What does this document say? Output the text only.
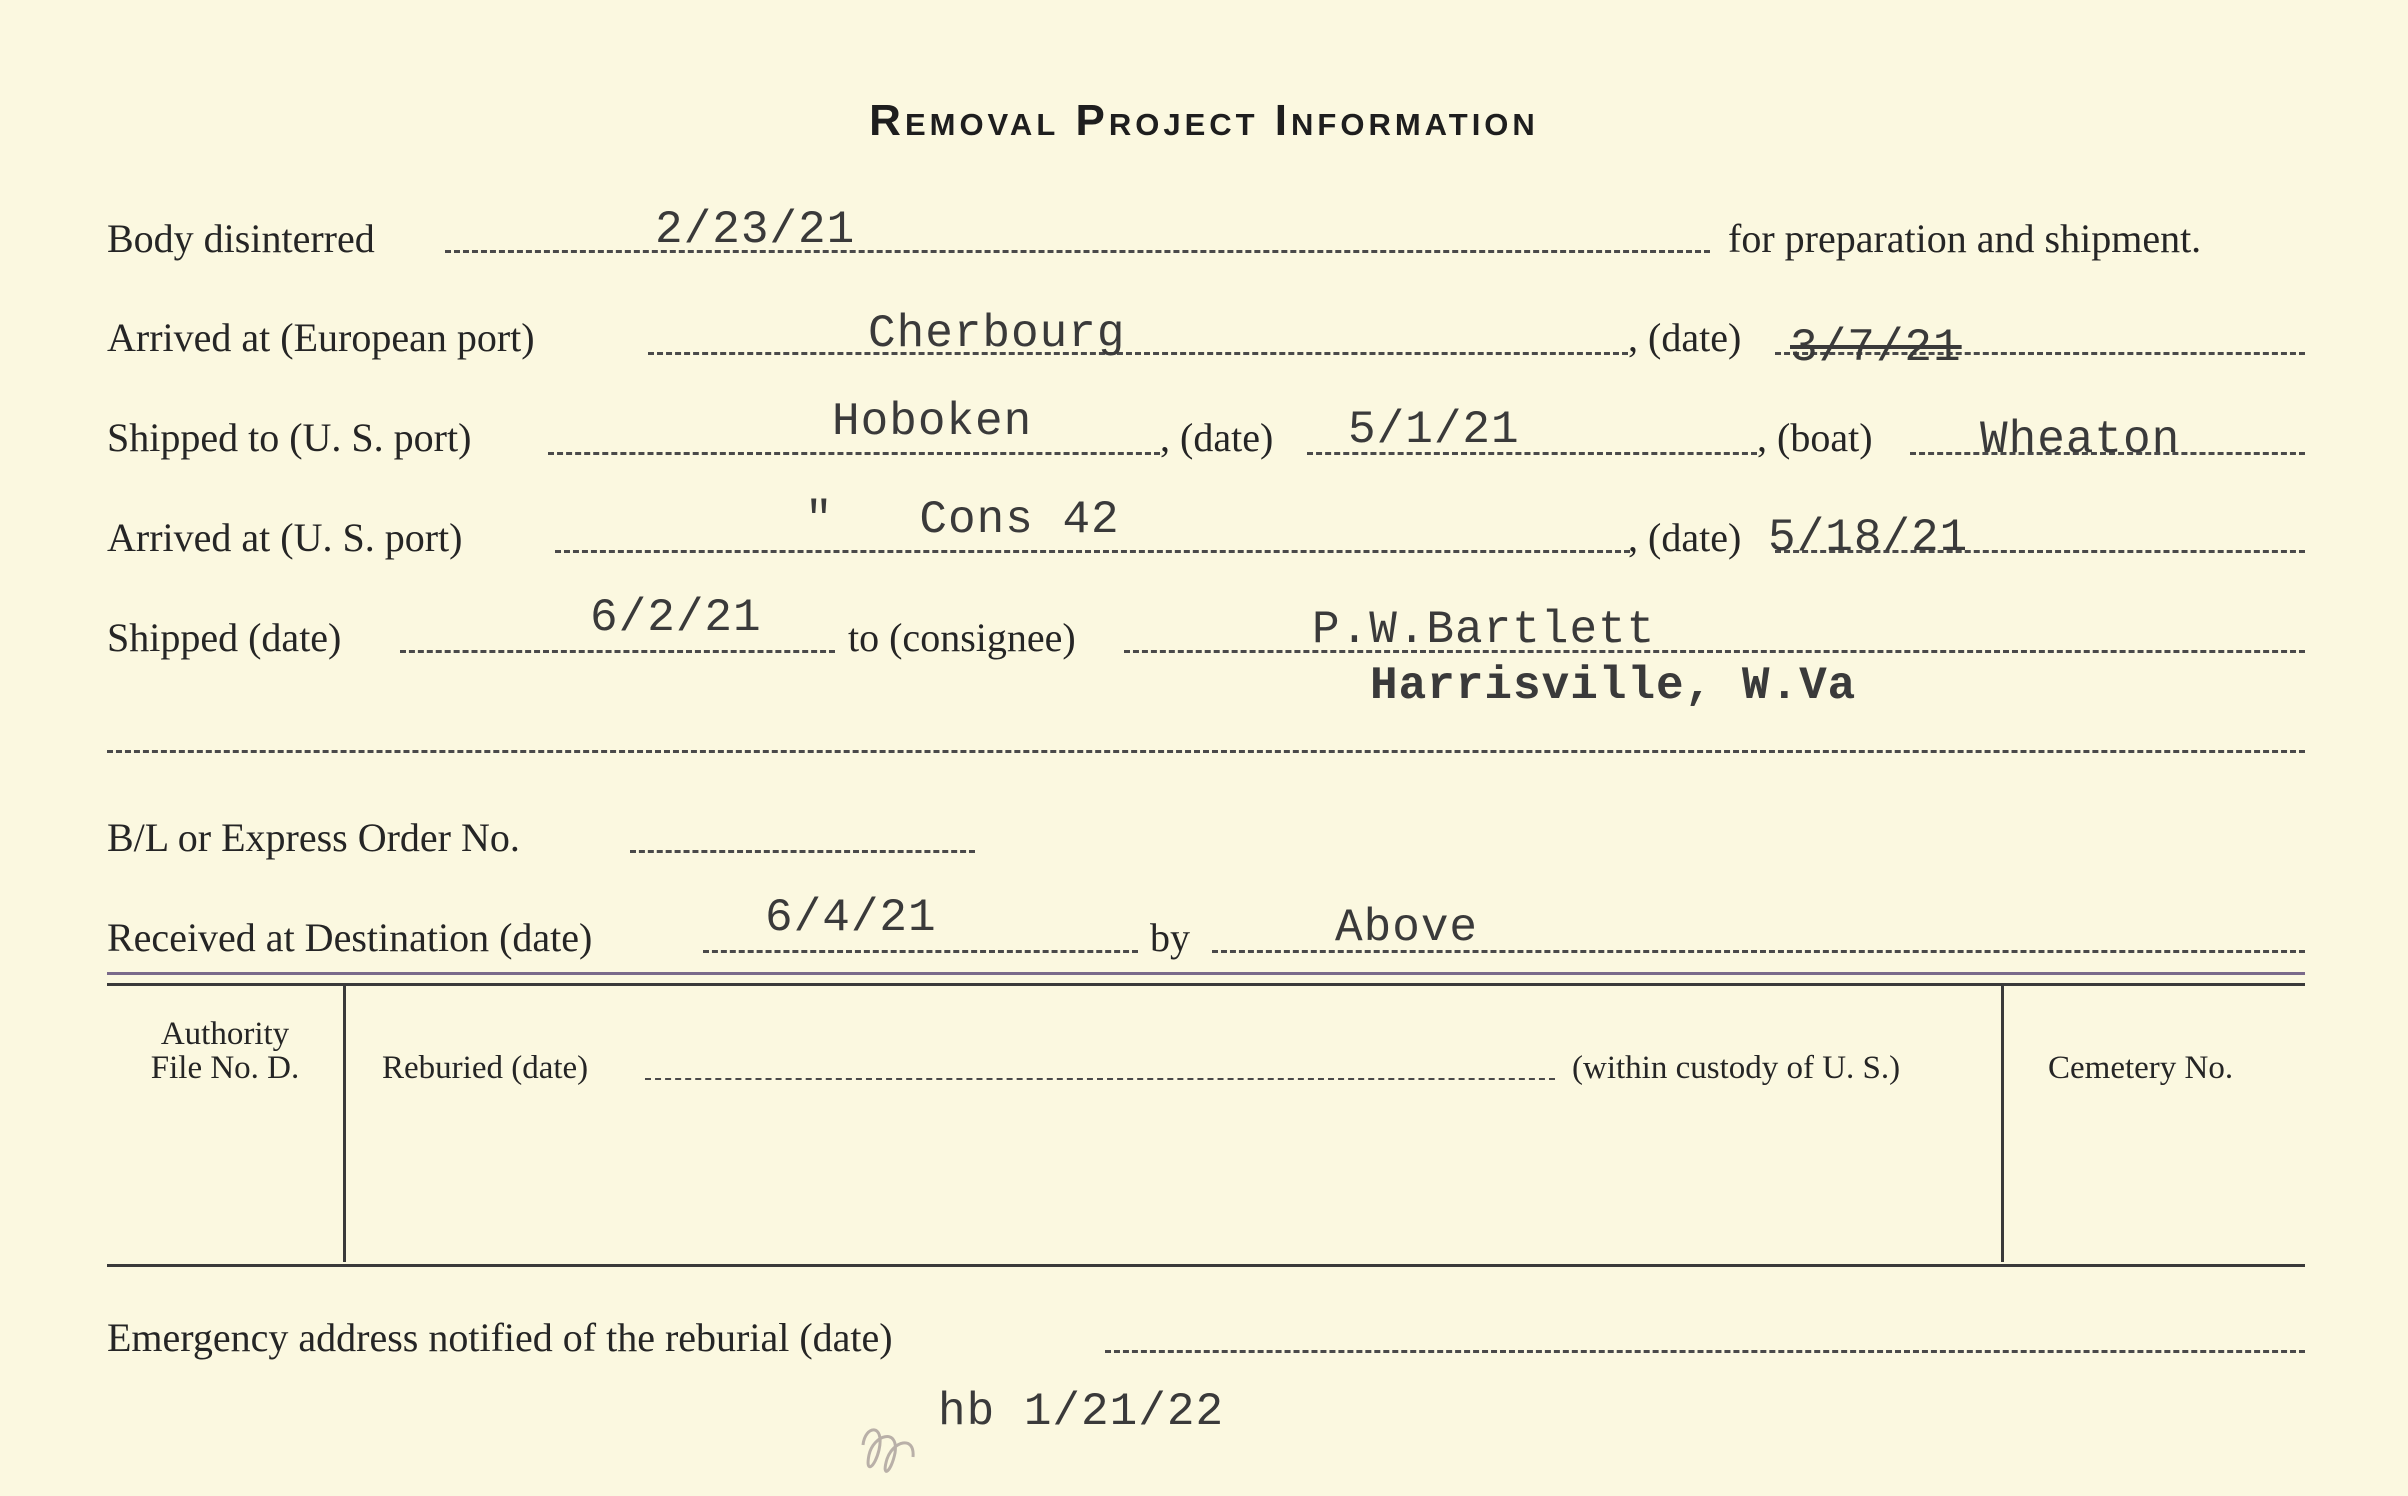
Removal Project Information
Body disinterred	2/23/21	for preparation and shipment.
Arrived at (European port)	Cherbourg	, (date) 3/7/21
Shipped to (U. S. port)	Hoboken	, (date) 5/1/21	, (boat) Wheaton
Arrived at (U. S. port)	"   Cons 42	, (date) 5/18/21
Shipped (date)	6/2/21 to (consignee)	P.W.Bartlett
Harrisville, W.Va
B/L or Express Order No.
Received at Destination (date)	6/4/21	by	Above
Authority
File No. D.	Reburied (date)	(within custody of U. S.)	Cemetery No.
Emergency address notified of the reburial (date)
hb 1/21/22
